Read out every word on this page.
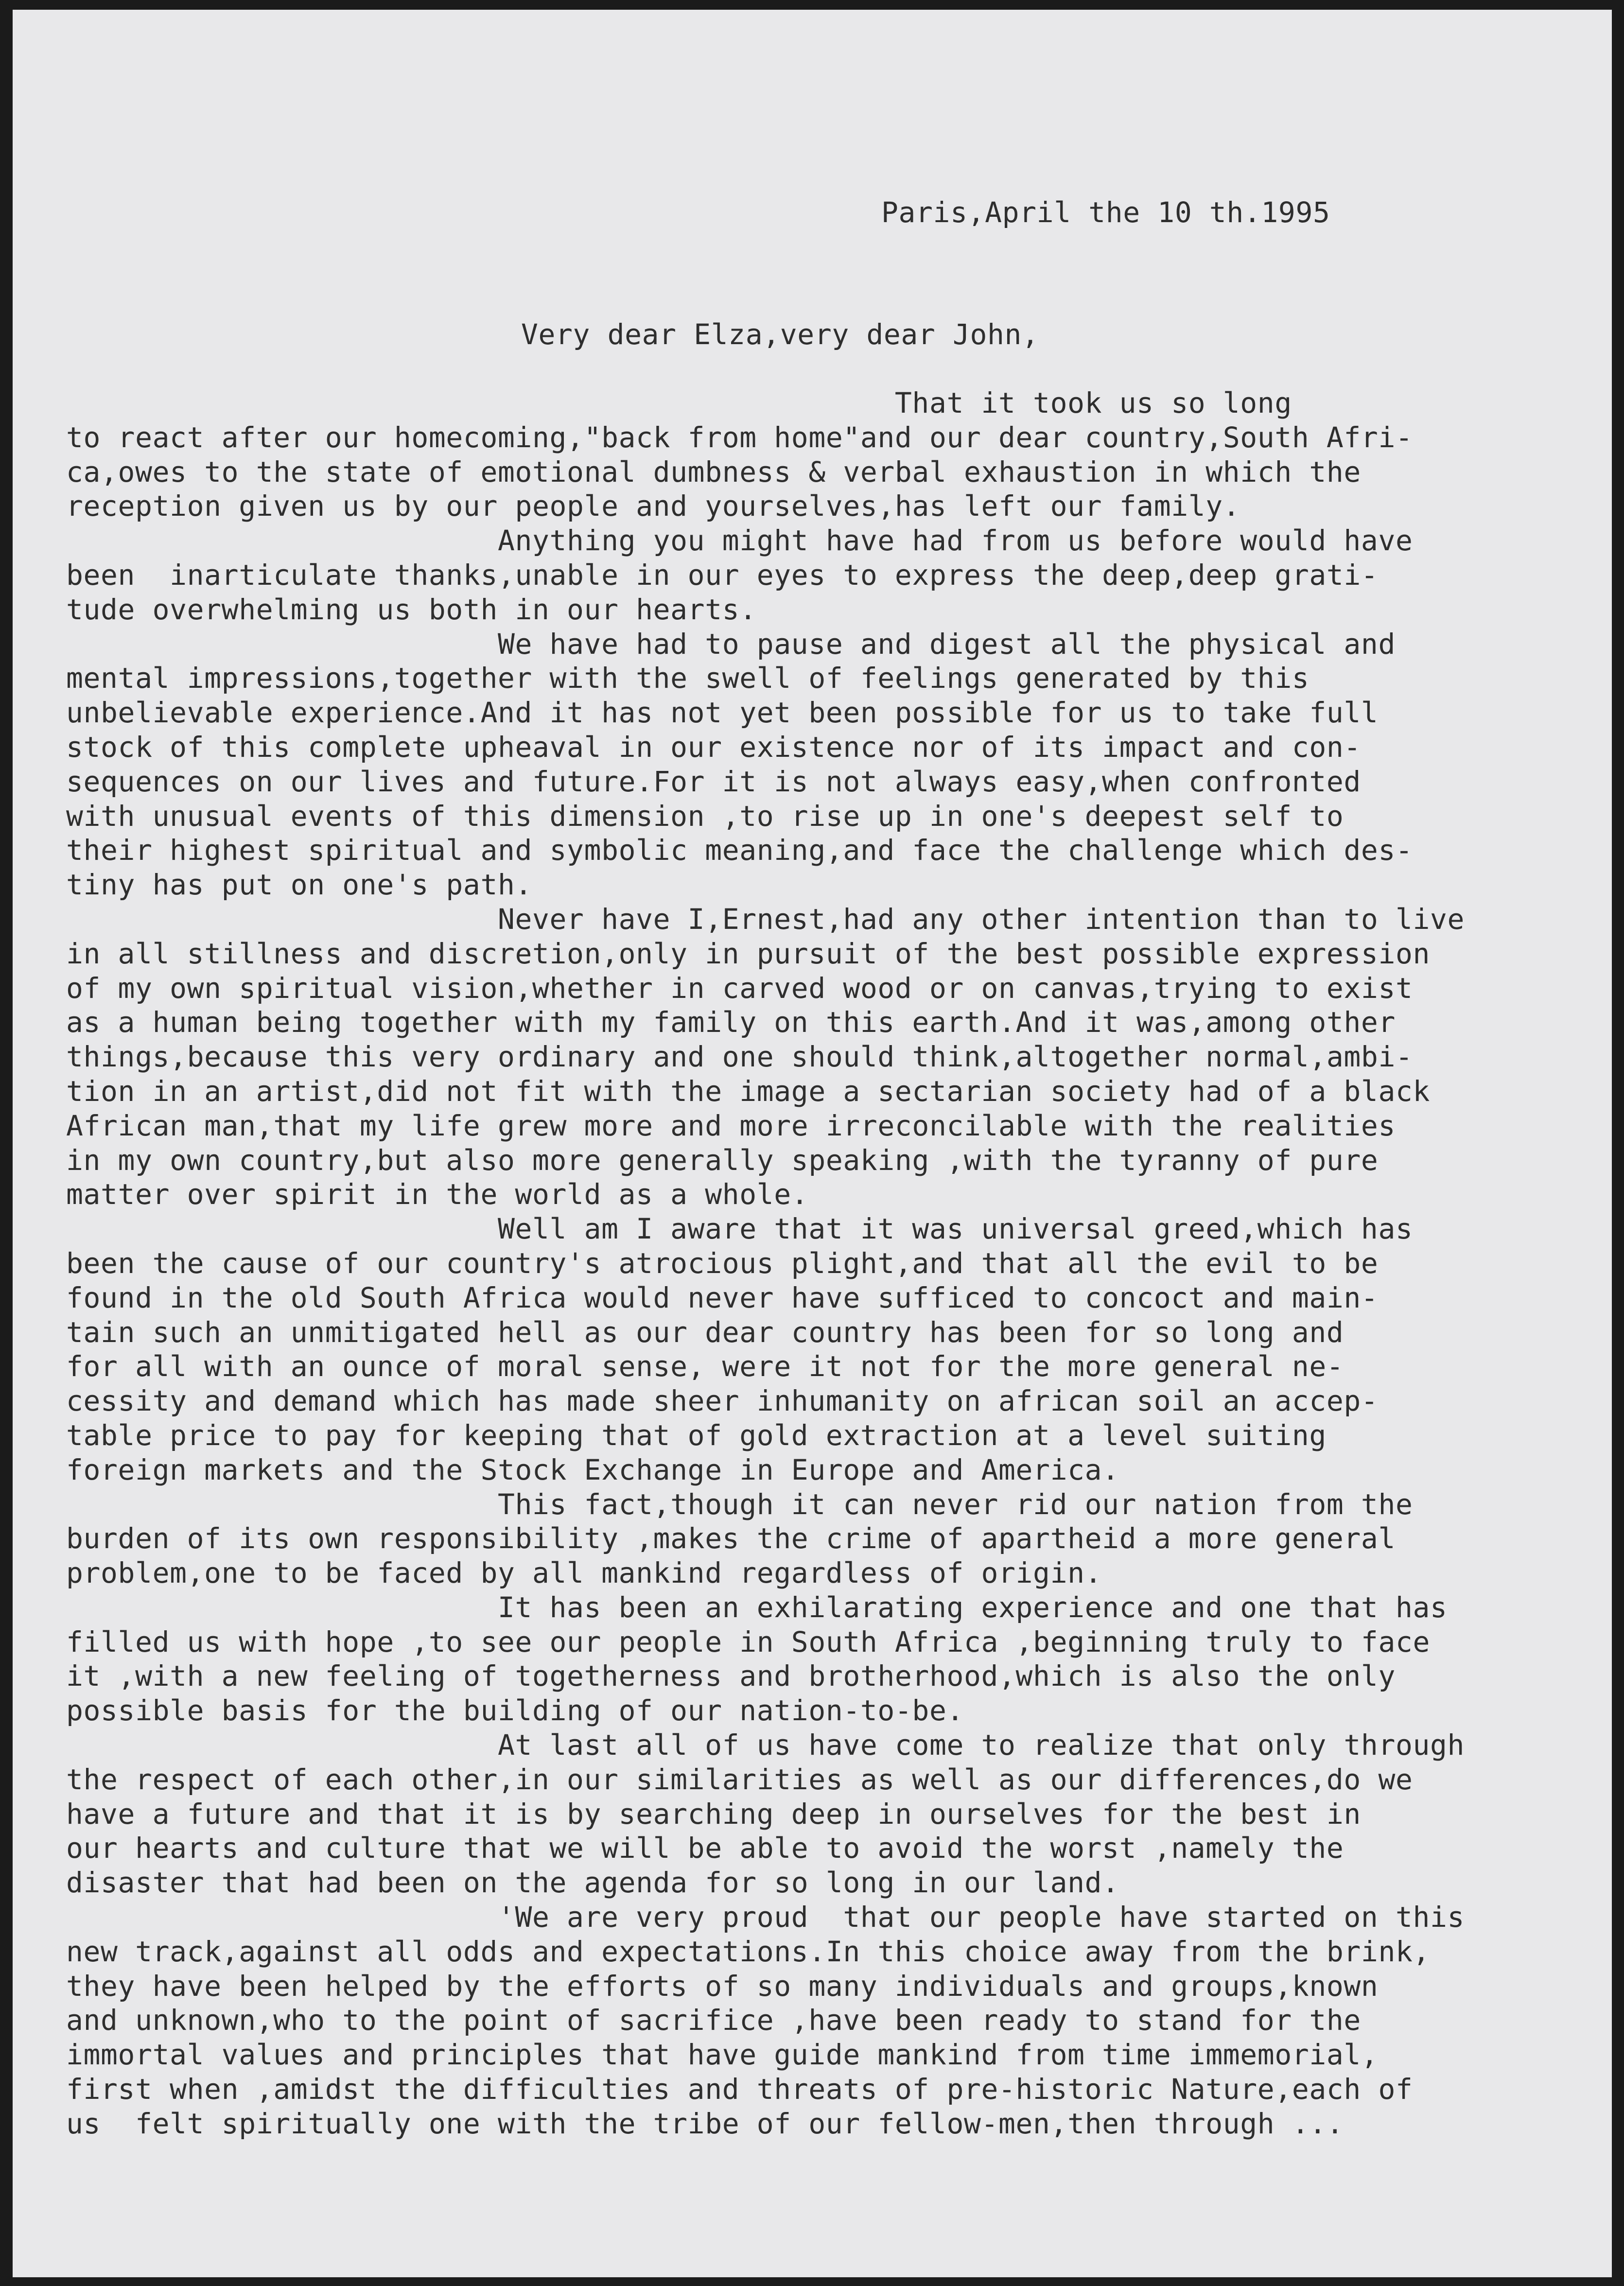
Paris,April the 10 th.1995
Very dear Elza,very dear John,
That it took us so long
to react after our homecoming,"back from home"and our dear country,South Afri-
ca,owes to the state of emotional dumbness & verbal exhaustion in which the
reception given us by our people and yourselves,has left our family.
Anything you might have had from us before would have
been  inarticulate thanks,unable in our eyes to express the deep,deep grati-
tude overwhelming us both in our hearts.
We have had to pause and digest all the physical and
mental impressions,together with the swell of feelings generated by this
unbelievable experience.And it has not yet been possible for us to take full
stock of this complete upheaval in our existence nor of its impact and con-
sequences on our lives and future.For it is not always easy,when confronted
with unusual events of this dimension ,to rise up in one's deepest self to
their highest spiritual and symbolic meaning,and face the challenge which des-
tiny has put on one's path.
Never have I,Ernest,had any other intention than to live
in all stillness and discretion,only in pursuit of the best possible expression
of my own spiritual vision,whether in carved wood or on canvas,trying to exist
as a human being together with my family on this earth.And it was,among other
things,because this very ordinary and one should think,altogether normal,ambi-
tion in an artist,did not fit with the image a sectarian society had of a black
African man,that my life grew more and more irreconcilable with the realities
in my own country,but also more generally speaking ,with the tyranny of pure
matter over spirit in the world as a whole.
Well am I aware that it was universal greed,which has
been the cause of our country's atrocious plight,and that all the evil to be
found in the old South Africa would never have sufficed to concoct and main-
tain such an unmitigated hell as our dear country has been for so long and
for all with an ounce of moral sense, were it not for the more general ne-
cessity and demand which has made sheer inhumanity on african soil an accep-
table price to pay for keeping that of gold extraction at a level suiting
foreign markets and the Stock Exchange in Europe and America.
This fact,though it can never rid our nation from the
burden of its own responsibility ,makes the crime of apartheid a more general
problem,one to be faced by all mankind regardless of origin.
It has been an exhilarating experience and one that has
filled us with hope ,to see our people in South Africa ,beginning truly to face
it ,with a new feeling of togetherness and brotherhood,which is also the only
possible basis for the building of our nation-to-be.
At last all of us have come to realize that only through
the respect of each other,in our similarities as well as our differences,do we
have a future and that it is by searching deep in ourselves for the best in
our hearts and culture that we will be able to avoid the worst ,namely the
disaster that had been on the agenda for so long in our land.
'We are very proud  that our people have started on this
new track,against all odds and expectations.In this choice away from the brink,
they have been helped by the efforts of so many individuals and groups,known
and unknown,who to the point of sacrifice ,have been ready to stand for the
immortal values and principles that have guide mankind from time immemorial,
first when ,amidst the difficulties and threats of pre-historic Nature,each of
us  felt spiritually one with the tribe of our fellow-men,then through ...
